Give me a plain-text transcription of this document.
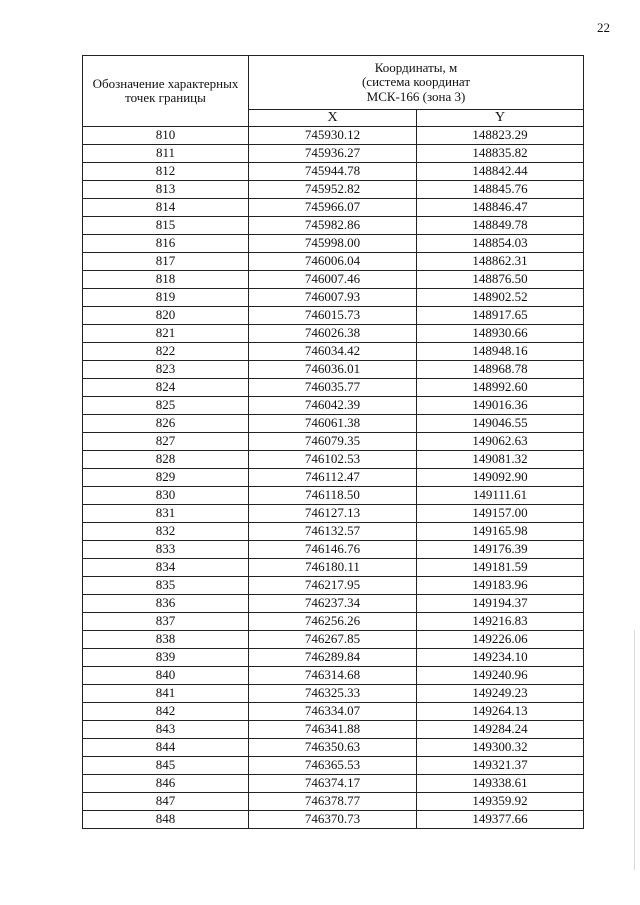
22
Обозначение характерных точек границы	Координаты, м
(система координат
МСК-166 (зона 3)	

	X	Y
810	745930.12	148823.29
811	745936.27	148835.82
812	745944.78	148842.44
813	745952.82	148845.76
814	745966.07	148846.47
815	745982.86	148849.78
816	745998.00	148854.03
817	746006.04	148862.31
818	746007.46	148876.50
819	746007.93	148902.52
820	746015.73	148917.65
821	746026.38	148930.66
822	746034.42	148948.16
823	746036.01	148968.78
824	746035.77	148992.60
825	746042.39	149016.36
826	746061.38	149046.55
827	746079.35	149062.63
828	746102.53	149081.32
829	746112.47	149092.90
830	746118.50	149111.61
831	746127.13	149157.00
832	746132.57	149165.98
833	746146.76	149176.39
834	746180.11	149181.59
835	746217.95	149183.96
836	746237.34	149194.37
837	746256.26	149216.83
838	746267.85	149226.06
839	746289.84	149234.10
840	746314.68	149240.96
841	746325.33	149249.23
842	746334.07	149264.13
843	746341.88	149284.24
844	746350.63	149300.32
845	746365.53	149321.37
846	746374.17	149338.61
847	746378.77	149359.92
848	746370.73	149377.66
